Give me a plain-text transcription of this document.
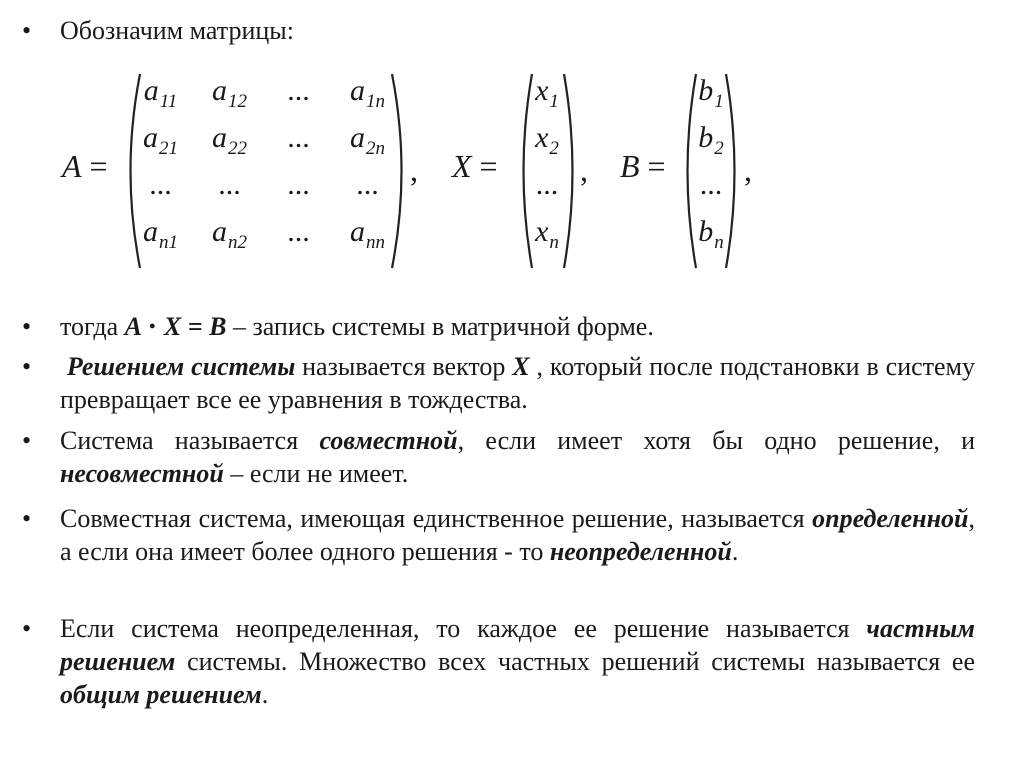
• Обозначим матрицы:
A =
$a_{11}$	$a_{12}$	...	$a_{1n}$
$a_{21}$	$a_{22}$	...	$a_{2n}$
...	...	...	...
$a_{n1}$	$a_{n2}$	...	$a_{nn}$
, X =
$x_1$
$x_2$
...
$x_n$
, B =
$b_1$
$b_2$
...
$b_n$
,
• тогда A ⋅ X = B – запись системы в матричной форме.
• Решением системы называется вектор X , который после подстановки в систему превращает все ее уравнения в тождества.
• Система называется совместной, если имеет хотя бы одно решение, и несовместной – если не имеет.
• Совместная система, имеющая единственное решение, называется определенной, а если она имеет более одного решения - то неопределенной.
• Если система неопределенная, то каждое ее решение называется частным решением системы. Множество всех частных решений системы называется ее общим решением.
